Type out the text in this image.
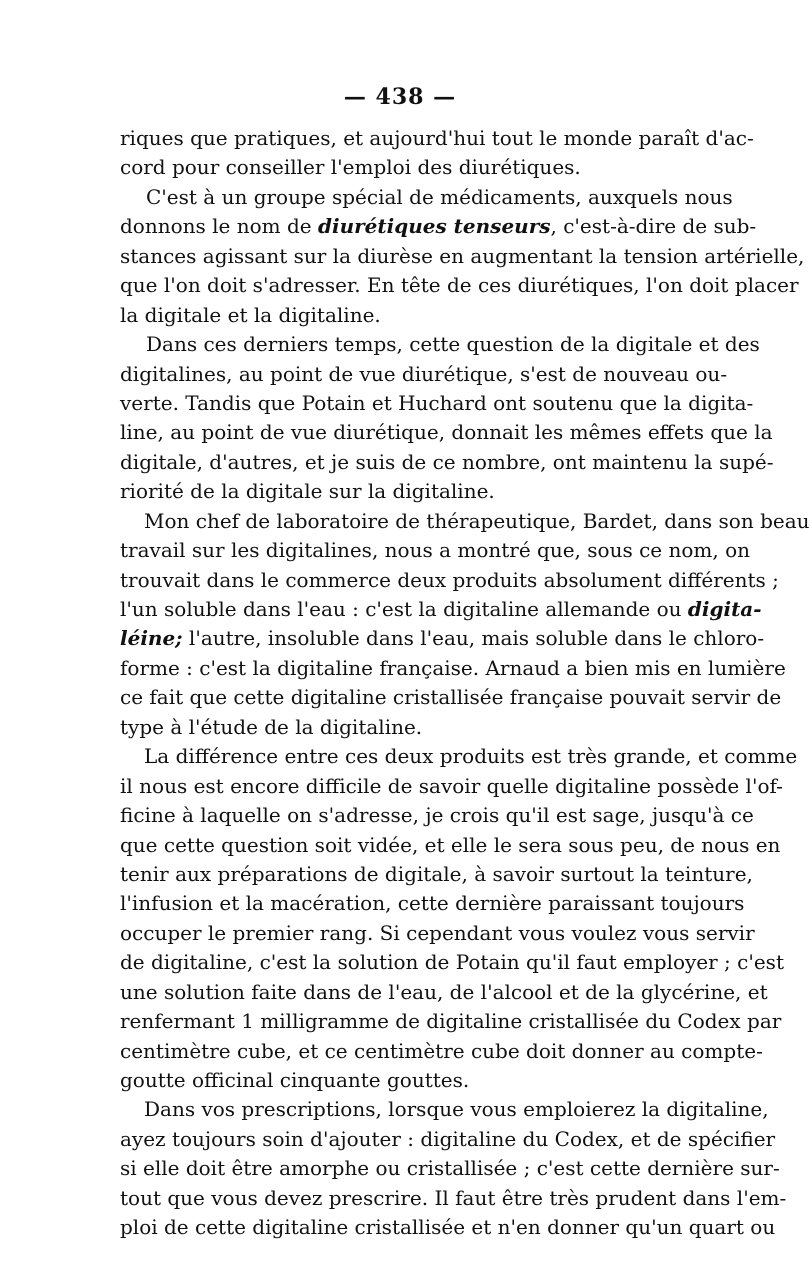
— 438 —
riques que pratiques, et aujourd'hui tout le monde paraît d'ac-
cord pour conseiller l'emploi des diurétiques.
C'est à un groupe spécial de médicaments, auxquels nous
donnons le nom de diurétiques tenseurs, c'est-à-dire de sub-
stances agissant sur la diurèse en augmentant la tension artérielle,
que l'on doit s'adresser. En tête de ces diurétiques, l'on doit placer
la digitale et la digitaline.
Dans ces derniers temps, cette question de la digitale et des
digitalines, au point de vue diurétique, s'est de nouveau ou-
verte. Tandis que Potain et Huchard ont soutenu que la digita-
line, au point de vue diurétique, donnait les mêmes effets que la
digitale, d'autres, et je suis de ce nombre, ont maintenu la supé-
riorité de la digitale sur la digitaline.
Mon chef de laboratoire de thérapeutique, Bardet, dans son beau
travail sur les digitalines, nous a montré que, sous ce nom, on
trouvait dans le commerce deux produits absolument différents ;
l'un soluble dans l'eau : c'est la digitaline allemande ou digita-
léine; l'autre, insoluble dans l'eau, mais soluble dans le chloro-
forme : c'est la digitaline française. Arnaud a bien mis en lumière
ce fait que cette digitaline cristallisée française pouvait servir de
type à l'étude de la digitaline.
La différence entre ces deux produits est très grande, et comme
il nous est encore difficile de savoir quelle digitaline possède l'of-
ficine à laquelle on s'adresse, je crois qu'il est sage, jusqu'à ce
que cette question soit vidée, et elle le sera sous peu, de nous en
tenir aux préparations de digitale, à savoir surtout la teinture,
l'infusion et la macération, cette dernière paraissant toujours
occuper le premier rang. Si cependant vous voulez vous servir
de digitaline, c'est la solution de Potain qu'il faut employer ; c'est
une solution faite dans de l'eau, de l'alcool et de la glycérine, et
renfermant 1 milligramme de digitaline cristallisée du Codex par
centimètre cube, et ce centimètre cube doit donner au compte-
goutte officinal cinquante gouttes.
Dans vos prescriptions, lorsque vous emploierez la digitaline,
ayez toujours soin d'ajouter : digitaline du Codex, et de spécifier
si elle doit être amorphe ou cristallisée ; c'est cette dernière sur-
tout que vous devez prescrire. Il faut être très prudent dans l'em-
ploi de cette digitaline cristallisée et n'en donner qu'un quart ou
